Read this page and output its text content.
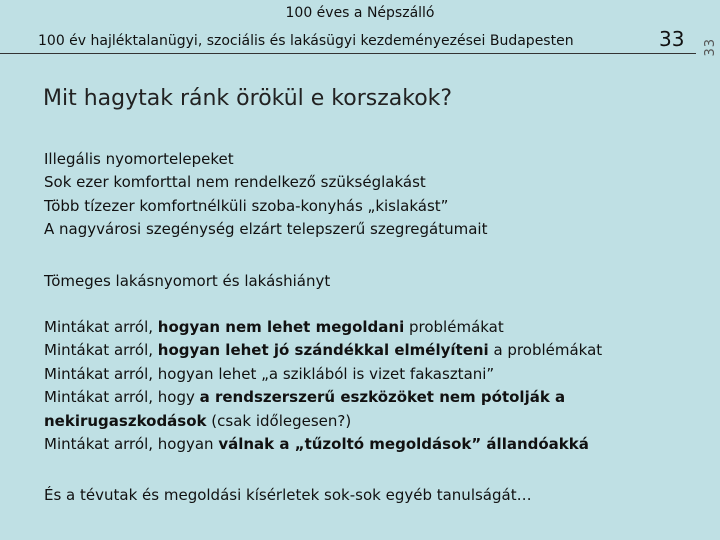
100 éves a Népszálló
100 év hajléktalanügyi, szociális és lakásügyi kezdeményezései Budapesten	33 33
Mit hagytak ránk örökül e korszakok?

Illegális nyomortelepeket

Sok ezer komforttal nem rendelkező szükséglakást

Több tízezer komfortnélküli szoba-konyhás „kislakást”

A nagyvárosi szegénység elzárt telepszerű szegregátumait

Tömeges lakásnyomort és lakáshiányt

Mintákat arról, hogyan nem lehet megoldani problémákat

Mintákat arról, hogyan lehet jó szándékkal elmélyíteni a problémákat

Mintákat arról, hogyan lehet „a sziklából is vizet fakasztani”

Mintákat arról, hogy a rendszerszerű eszközöket nem pótolják a

nekirugaszkodások (csak időlegesen?)

Mintákat arról, hogyan válnak a „tűzoltó megoldások” állandóakká

És a tévutak és megoldási kísérletek sok-sok egyéb tanulságát…
